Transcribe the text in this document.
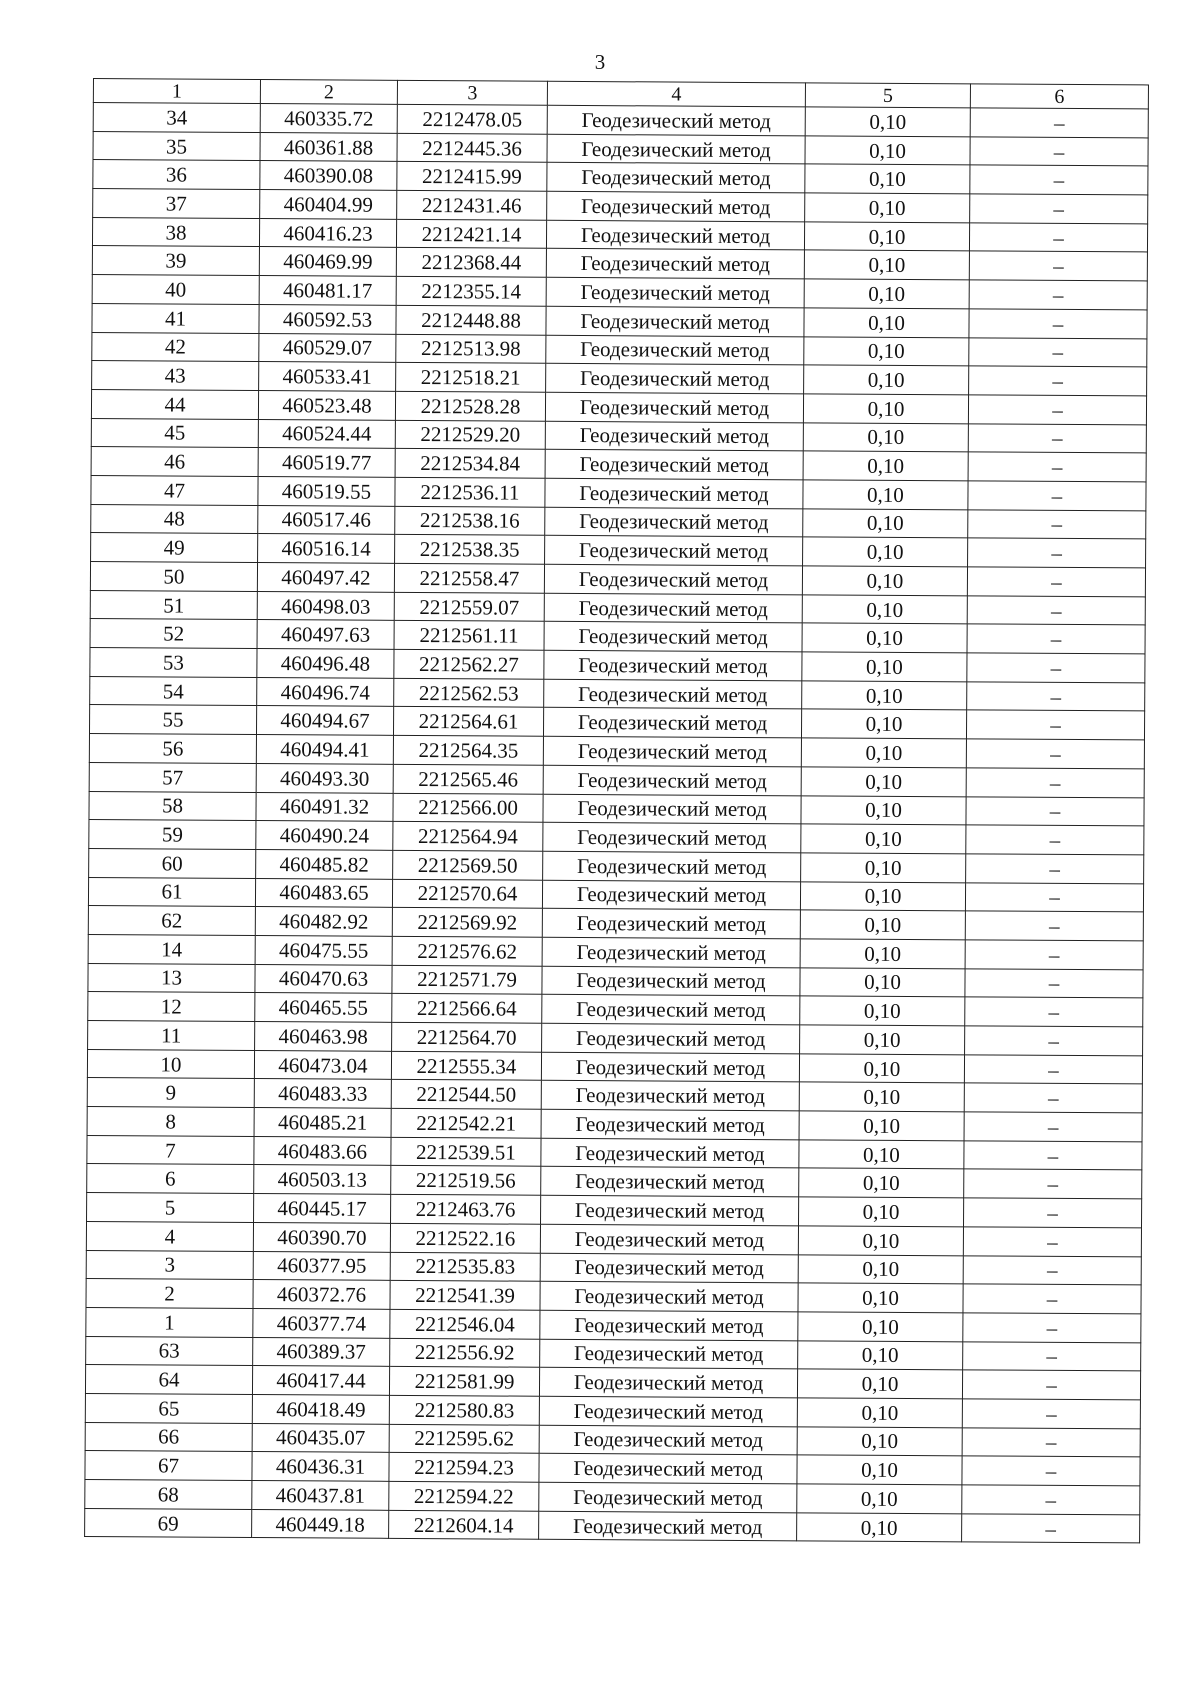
3
1	2	3	4	5	6
34	460335.72	2212478.05	Геодезический метод	0,10	–
35	460361.88	2212445.36	Геодезический метод	0,10	–
36	460390.08	2212415.99	Геодезический метод	0,10	–
37	460404.99	2212431.46	Геодезический метод	0,10	–
38	460416.23	2212421.14	Геодезический метод	0,10	–
39	460469.99	2212368.44	Геодезический метод	0,10	–
40	460481.17	2212355.14	Геодезический метод	0,10	–
41	460592.53	2212448.88	Геодезический метод	0,10	–
42	460529.07	2212513.98	Геодезический метод	0,10	–
43	460533.41	2212518.21	Геодезический метод	0,10	–
44	460523.48	2212528.28	Геодезический метод	0,10	–
45	460524.44	2212529.20	Геодезический метод	0,10	–
46	460519.77	2212534.84	Геодезический метод	0,10	–
47	460519.55	2212536.11	Геодезический метод	0,10	–
48	460517.46	2212538.16	Геодезический метод	0,10	–
49	460516.14	2212538.35	Геодезический метод	0,10	–
50	460497.42	2212558.47	Геодезический метод	0,10	–
51	460498.03	2212559.07	Геодезический метод	0,10	–
52	460497.63	2212561.11	Геодезический метод	0,10	–
53	460496.48	2212562.27	Геодезический метод	0,10	–
54	460496.74	2212562.53	Геодезический метод	0,10	–
55	460494.67	2212564.61	Геодезический метод	0,10	–
56	460494.41	2212564.35	Геодезический метод	0,10	–
57	460493.30	2212565.46	Геодезический метод	0,10	–
58	460491.32	2212566.00	Геодезический метод	0,10	–
59	460490.24	2212564.94	Геодезический метод	0,10	–
60	460485.82	2212569.50	Геодезический метод	0,10	–
61	460483.65	2212570.64	Геодезический метод	0,10	–
62	460482.92	2212569.92	Геодезический метод	0,10	–
14	460475.55	2212576.62	Геодезический метод	0,10	–
13	460470.63	2212571.79	Геодезический метод	0,10	–
12	460465.55	2212566.64	Геодезический метод	0,10	–
11	460463.98	2212564.70	Геодезический метод	0,10	–
10	460473.04	2212555.34	Геодезический метод	0,10	–
9	460483.33	2212544.50	Геодезический метод	0,10	–
8	460485.21	2212542.21	Геодезический метод	0,10	–
7	460483.66	2212539.51	Геодезический метод	0,10	–
6	460503.13	2212519.56	Геодезический метод	0,10	–
5	460445.17	2212463.76	Геодезический метод	0,10	–
4	460390.70	2212522.16	Геодезический метод	0,10	–
3	460377.95	2212535.83	Геодезический метод	0,10	–
2	460372.76	2212541.39	Геодезический метод	0,10	–
1	460377.74	2212546.04	Геодезический метод	0,10	–
63	460389.37	2212556.92	Геодезический метод	0,10	–
64	460417.44	2212581.99	Геодезический метод	0,10	–
65	460418.49	2212580.83	Геодезический метод	0,10	–
66	460435.07	2212595.62	Геодезический метод	0,10	–
67	460436.31	2212594.23	Геодезический метод	0,10	–
68	460437.81	2212594.22	Геодезический метод	0,10	–
69	460449.18	2212604.14	Геодезический метод	0,10	–
